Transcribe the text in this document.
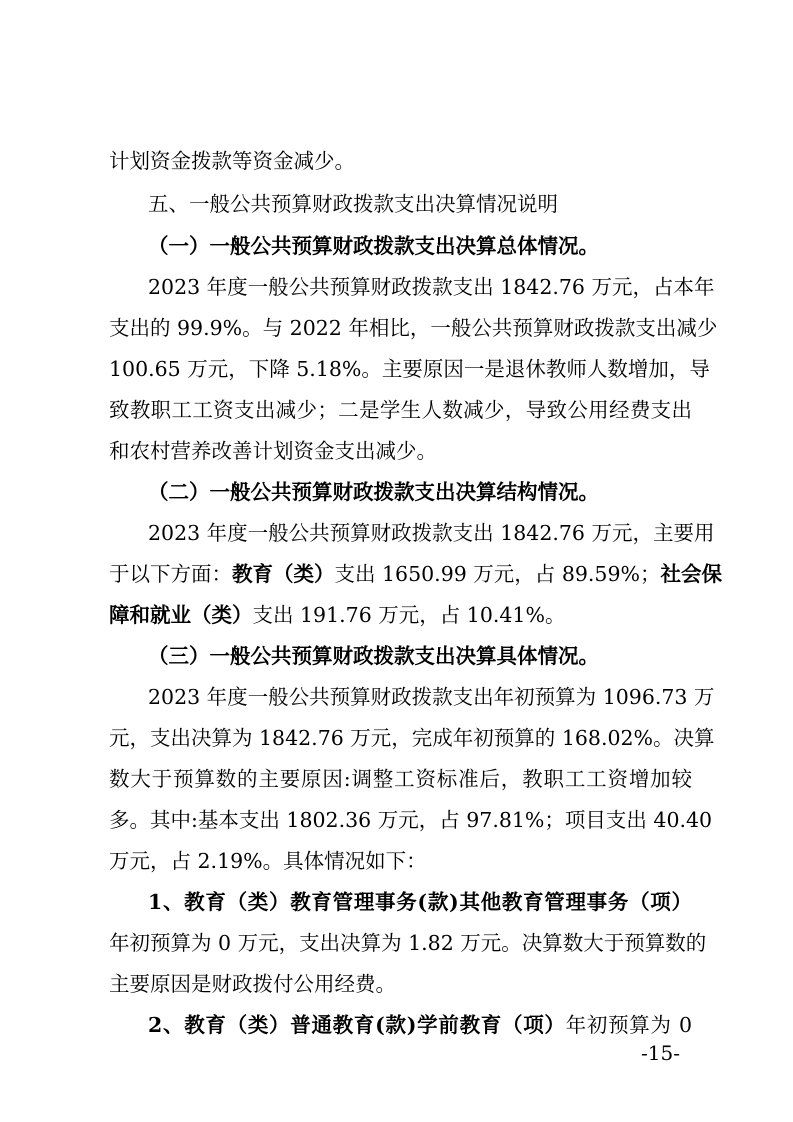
计划资金拨款等资金减少。
五、一般公共预算财政拨款支出决算情况说明
（一）一般公共预算财政拨款支出决算总体情况。
2023 年度一般公共预算财政拨款支出 1842.76 万元，占本年
支出的 99.9%。与 2022 年相比，一般公共预算财政拨款支出减少
100.65 万元，下降 5.18%。主要原因一是退休教师人数增加，导
致教职工工资支出减少；二是学生人数减少，导致公用经费支出
和农村营养改善计划资金支出减少。
（二）一般公共预算财政拨款支出决算结构情况。
2023 年度一般公共预算财政拨款支出 1842.76 万元，主要用
于以下方面：教育（类）支出 1650.99 万元，占 89.59%；社会保
障和就业（类）支出 191.76 万元，占 10.41%。
（三）一般公共预算财政拨款支出决算具体情况。
2023 年度一般公共预算财政拨款支出年初预算为 1096.73 万
元，支出决算为 1842.76 万元，完成年初预算的 168.02%。决算
数大于预算数的主要原因:调整工资标准后，教职工工资增加较
多。其中:基本支出 1802.36 万元，占 97.81%；项目支出 40.40
万元，占 2.19%。具体情况如下：
1、教育（类）教育管理事务(款)其他教育管理事务（项）
年初预算为 0 万元，支出决算为 1.82 万元。决算数大于预算数的
主要原因是财政拨付公用经费。
2、教育（类）普通教育(款)学前教育（项）年初预算为 0
-15-
